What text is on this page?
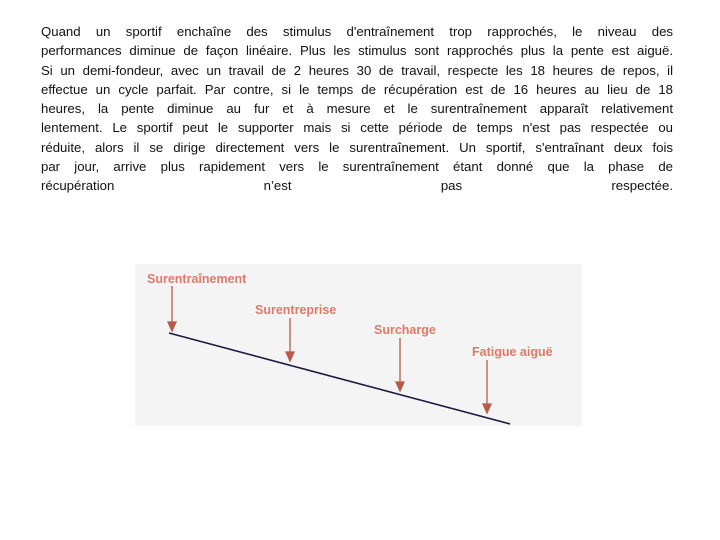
Quand un sportif enchaîne des stimulus d'entraînement trop rapprochés, le niveau des
performances diminue de façon linéaire. Plus les stimulus sont rapprochés plus la pente est aiguë.
Si un demi-fondeur, avec un travail de 2 heures 30 de travail, respecte les 18 heures de repos, il
effectue un cycle parfait. Par contre, si le temps de récupération est de 16 heures au lieu de 18
heures, la pente diminue au fur et à mesure et le surentraînement apparaît relativement
lentement. Le sportif peut le supporter mais si cette période de temps n'est pas respectée ou
réduite, alors il se dirige directement vers le surentraînement. Un sportif, s'entraînant deux fois
par jour, arrive plus rapidement vers le surentraînement étant donné que la phase de
récupération n’est pas respectée.

Surentraînement
Surentreprise
Surcharge
Fatigue aiguë
